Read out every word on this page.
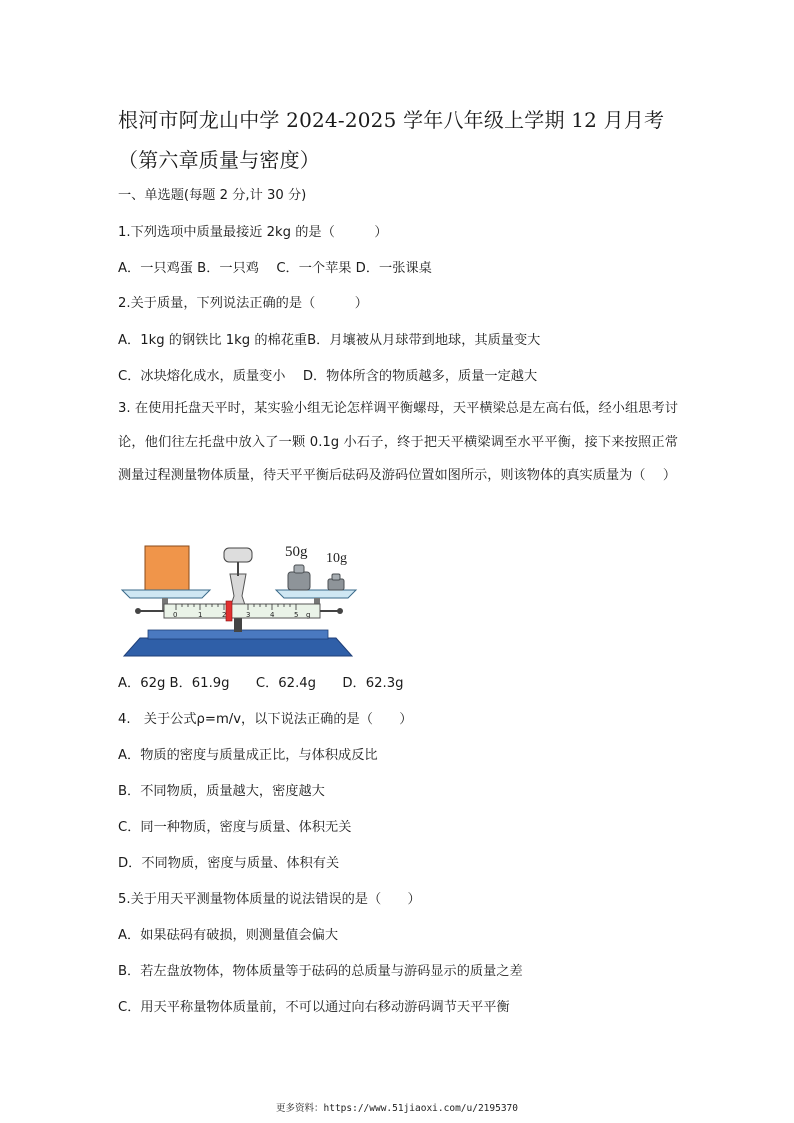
根河市阿龙山中学 2024-2025 学年八年级上学期 12 月月考
（第六章质量与密度）
一、单选题(每题 2 分,计 30 分)
1.下列选项中质量最接近 2kg 的是（　　　）
A．一只鸡蛋 B．一只鸡　 C．一个苹果 D．一张课桌
2.关于质量，下列说法正确的是（　　　）
A．1kg 的钢铁比 1kg 的棉花重B．月壤被从月球带到地球，其质量变大
C．冰块熔化成水，质量变小　 D．物体所含的物质越多，质量一定越大
3. 在使用托盘天平时，某实验小组无论怎样调平衡螺母，天平横梁总是左高右低，经小组思考讨论，他们往左托盘中放入了一颗 0.1g 小石子，终于把天平横梁调至水平平衡，接下来按照正常测量过程测量物体质量，待天平平衡后砝码及游码位置如图所示，则该物体的真实质量为（　 ）
50g 10g
0	1	2	3	4	5 g
A．62g B．61.9g　　C．62.4g　　D．62.3g
4.　关于公式ρ=m/v，以下说法正确的是（　　）
A．物质的密度与质量成正比，与体积成反比
B．不同物质，质量越大，密度越大
C．同一种物质，密度与质量、体积无关
D．不同物质，密度与质量、体积有关
5.关于用天平测量物体质量的说法错误的是（　　）
A．如果砝码有破损，则测量值会偏大
B．若左盘放物体，物体质量等于砝码的总质量与游码显示的质量之差
C．用天平称量物体质量前，不可以通过向右移动游码调节天平平衡
更多资料：https://www.51jiaoxi.com/u/2195370
